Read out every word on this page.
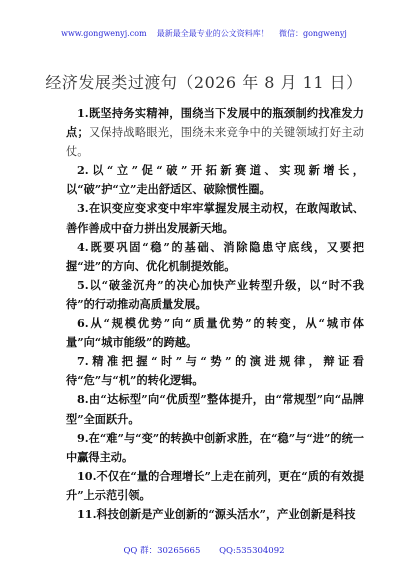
www.gongwenyj.com 最新最全最专业的公文资料库！ 微信：gongwenyj
经济发展类过渡句（2026 年 8 月 11 日）

1.既坚持务实精神，围绕当下发展中的瓶颈制约找准发力点；又保持战略眼光，围绕未来竞争中的关键领域打好主动仗。

2.以“立”促“破”开拓新赛道、实现新增长，以“破”护“立”走出舒适区、破除惯性圈。

3.在识变应变求变中牢牢掌握发展主动权，在敢闯敢试、善作善成中奋力拼出发展新天地。

4.既要巩固“稳”的基础、消除隐患守底线，又要把握“进”的方向、优化机制提效能。

5.以“破釜沉舟”的决心加快产业转型升级，以“时不我待”的行动推动高质量发展。

6.从“规模优势”向“质量优势”的转变，从“城市体量”向“城市能级”的跨越。

7.精准把握“时”与“势”的演进规律，辩证看待“危”与“机”的转化逻辑。

8.由“达标型”向“优质型”整体提升，由“常规型”向“品牌型”全面跃升。

9.在“难”与“变”的转换中创新求胜，在“稳”与“进”的统一中赢得主动。

10.不仅在“量的合理增长”上走在前列，更在“质的有效提升”上示范引领。

11.科技创新是产业创新的“源头活水”，产业创新是科技

QQ 群：30265665 QQ:535304092
